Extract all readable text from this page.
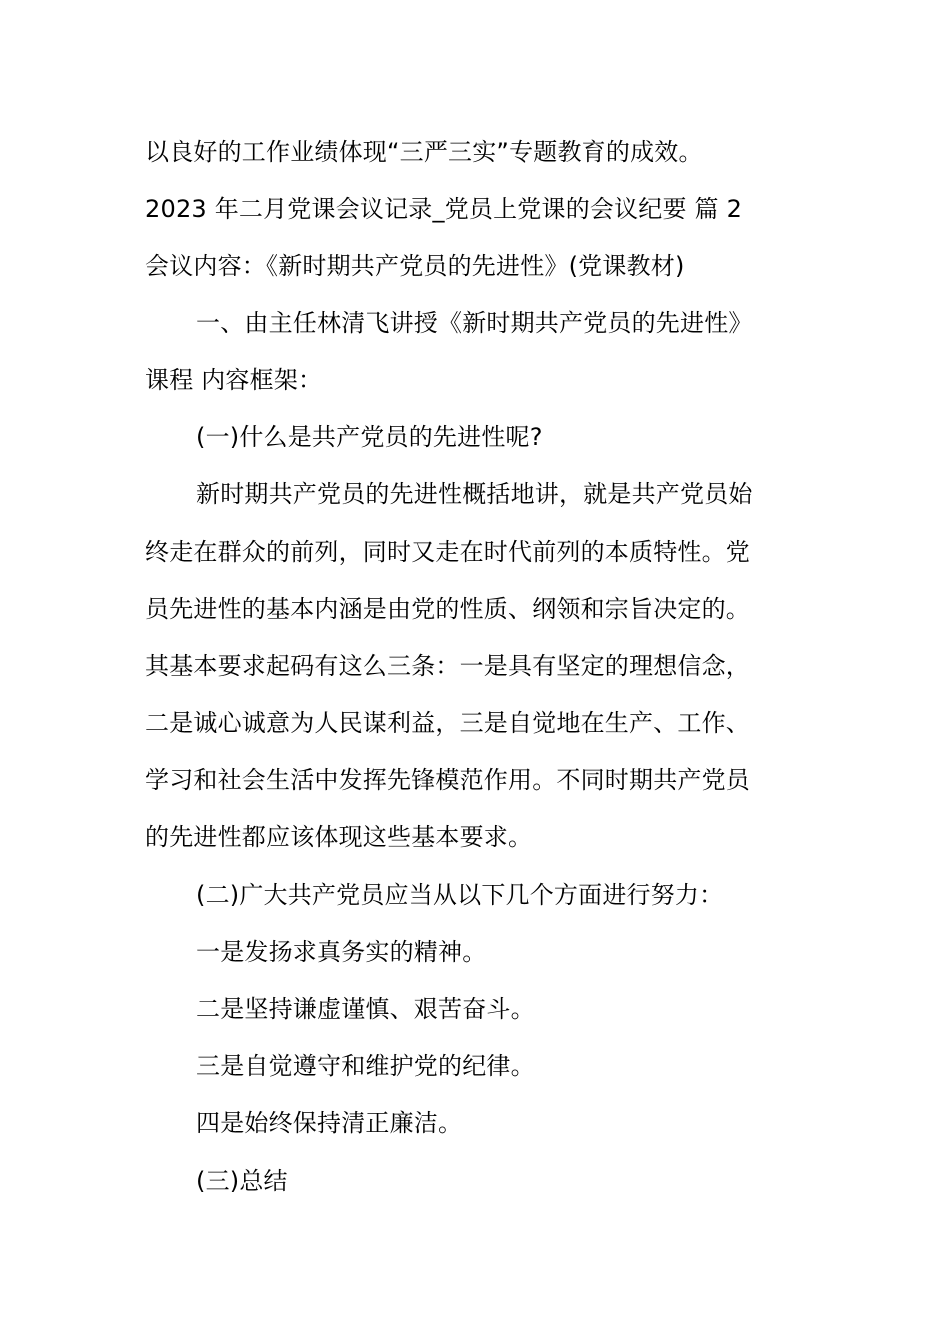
以良好的工作业绩体现“三严三实”专题教育的成效。
2023 年二月党课会议记录_党员上党课的会议纪要 篇 2
会议内容：《新时期共产党员的先进性》(党课教材)
一、由主任林清飞讲授《新时期共产党员的先进性》
课程 内容框架：
(一)什么是共产党员的先进性呢?
新时期共产党员的先进性概括地讲，就是共产党员始
终走在群众的前列，同时又走在时代前列的本质特性。党
员先进性的基本内涵是由党的性质、纲领和宗旨决定的。
其基本要求起码有这么三条：一是具有坚定的理想信念，
二是诚心诚意为人民谋利益，三是自觉地在生产、工作、
学习和社会生活中发挥先锋模范作用。不同时期共产党员
的先进性都应该体现这些基本要求。
(二)广大共产党员应当从以下几个方面进行努力：
一是发扬求真务实的精神。
二是坚持谦虚谨慎、艰苦奋斗。
三是自觉遵守和维护党的纪律。
四是始终保持清正廉洁。
(三)总结
